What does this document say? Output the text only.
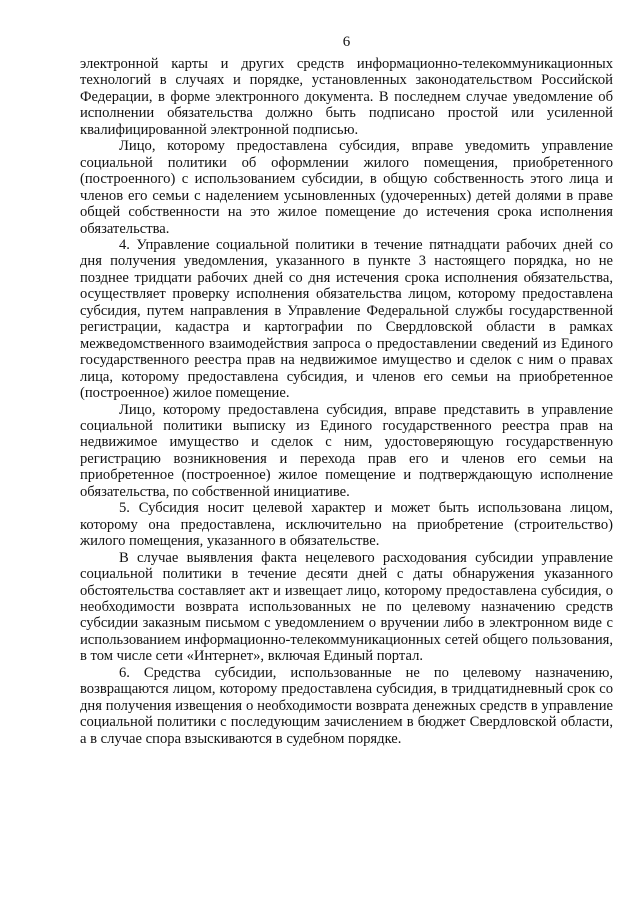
6

электронной карты и других средств информационно-телекоммуникационных технологий в случаях и порядке, установленных законодательством Российской Федерации, в форме электронного документа. В последнем случае уведомление об исполнении обязательства должно быть подписано простой или усиленной квалифицированной электронной подписью.

Лицо, которому предоставлена субсидия, вправе уведомить управление социальной политики об оформлении жилого помещения, приобретенного (построенного) с использованием субсидии, в общую собственность этого лица и членов его семьи с наделением усыновленных (удочеренных) детей долями в праве общей собственности на это жилое помещение до истечения срока исполнения обязательства.

4. Управление социальной политики в течение пятнадцати рабочих дней со дня получения уведомления, указанного в пункте 3 настоящего порядка, но не позднее тридцати рабочих дней со дня истечения срока исполнения обязательства, осуществляет проверку исполнения обязательства лицом, которому предоставлена субсидия, путем направления в Управление Федеральной службы государственной регистрации, кадастра и картографии по Свердловской области в рамках межведомственного взаимодействия запроса о предоставлении сведений из Единого государственного реестра прав на недвижимое имущество и сделок с ним о правах лица, которому предоставлена субсидия, и членов его семьи на приобретенное (построенное) жилое помещение.

Лицо, которому предоставлена субсидия, вправе представить в управление социальной политики выписку из Единого государственного реестра прав на недвижимое имущество и сделок с ним, удостоверяющую государственную регистрацию возникновения и перехода прав его и членов его семьи на приобретенное (построенное) жилое помещение и подтверждающую исполнение обязательства, по собственной инициативе.

5. Субсидия носит целевой характер и может быть использована лицом, которому она предоставлена, исключительно на приобретение (строительство) жилого помещения, указанного в обязательстве.

В случае выявления факта нецелевого расходования субсидии управление социальной политики в течение десяти дней с даты обнаружения указанного обстоятельства составляет акт и извещает лицо, которому предоставлена субсидия, о необходимости возврата использованных не по целевому назначению средств субсидии заказным письмом с уведомлением о вручении либо в электронном виде с использованием информационно-телекоммуникационных сетей общего пользования, в том числе сети «Интернет», включая Единый портал.

6. Средства субсидии, использованные не по целевому назначению, возвращаются лицом, которому предоставлена субсидия, в тридцатидневный срок со дня получения извещения о необходимости возврата денежных средств в управление социальной политики с последующим зачислением в бюджет Свердловской области, а в случае спора взыскиваются в судебном порядке.
